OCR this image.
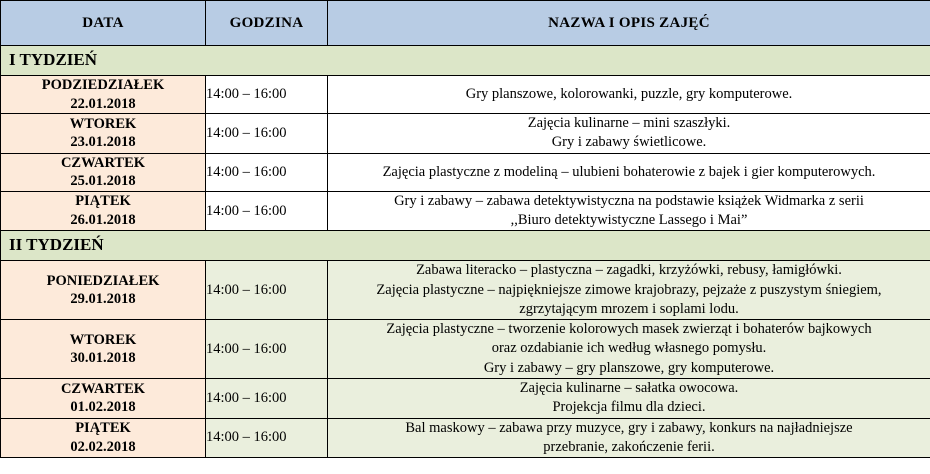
DATA	GODZINA	NAZWA I OPIS ZAJĘĆ
I TYDZIEŃ		

PODZIEDZIAŁEK
22.01.2018	14:00 – 16:00	Gry planszowe, kolorowanki, puzzle, gry komputerowe.

WTOREK
23.01.2018	14:00 – 16:00	Zajęcia kulinarne – mini szaszłyki.
Gry i zabawy świetlicowe.

CZWARTEK
25.01.2018	14:00 – 16:00	Zajęcia plastyczne z modeliną – ulubieni bohaterowie z bajek i gier komputerowych.

PIĄTEK
26.01.2018	14:00 – 16:00	Gry i zabawy – zabawa detektywistyczna na podstawie książek Widmarka z serii
,,Biuro detektywistyczne Lassego i Mai”

II TYDZIEŃ		

PONIEDZIAŁEK
29.01.2018	14:00 – 16:00	Zabawa literacko – plastyczna – zagadki, krzyżówki, rebusy, łamigłówki.
Zajęcia plastyczne – najpiękniejsze zimowe krajobrazy, pejzaże z puszystym śniegiem,
zgrzytającym mrozem i soplami lodu.

WTOREK
30.01.2018	14:00 – 16:00	Zajęcia plastyczne – tworzenie kolorowych masek zwierząt i bohaterów bajkowych
oraz ozdabianie ich według własnego pomysłu.
Gry i zabawy – gry planszowe, gry komputerowe.

CZWARTEK
01.02.2018	14:00 – 16:00	Zajęcia kulinarne – sałatka owocowa.
Projekcja filmu dla dzieci.

PIĄTEK
02.02.2018	14:00 – 16:00	Bal maskowy – zabawa przy muzyce, gry i zabawy, konkurs na najładniejsze
przebranie, zakończenie ferii.
